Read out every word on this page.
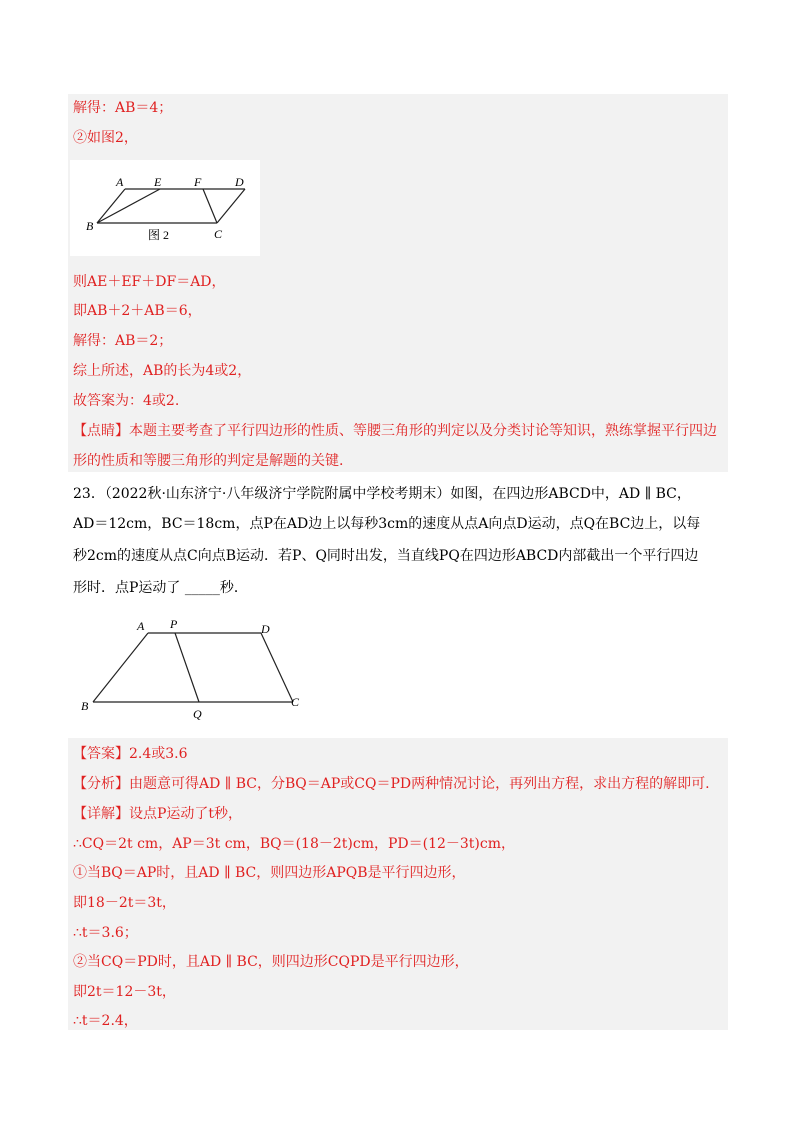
解得：AB＝4；
②如图2，
A	E	F	D
B
C
图 2
则AE＋EF＋DF＝AD，
即AB＋2＋AB＝6，
解得：AB＝2；
综上所述，AB的长为4或2，
故答案为：4或2.
【点睛】本题主要考查了平行四边形的性质、等腰三角形的判定以及分类讨论等知识，熟练掌握平行四边
形的性质和等腰三角形的判定是解题的关键.
23．（2022秋·山东济宁·八年级济宁学院附属中学校考期末）如图，在四边形ABCD中，AD ∥ BC，
AD＝12cm，BC＝18cm，点P在AD边上以每秒3cm的速度从点A向点D运动，点Q在BC边上，以每
秒2cm的速度从点C向点B运动．若P、Q同时出发，当直线PQ在四边形ABCD内部截出一个平行四边
形时．点P运动了 _____秒．
A P	D
B
Q
C
【答案】2.4或3.6
【分析】由题意可得AD ∥ BC，分BQ＝AP或CQ＝PD两种情况讨论，再列出方程，求出方程的解即可.
【详解】设点P运动了t秒，
∴CQ＝2t cm，AP＝3t cm，BQ＝(18－2t)cm，PD＝(12－3t)cm，
①当BQ＝AP时，且AD ∥ BC，则四边形APQB是平行四边形，
即18－2t＝3t，
∴t＝3.6；
②当CQ＝PD时，且AD ∥ BC，则四边形CQPD是平行四边形，
即2t＝12－3t，
∴t＝2.4，
